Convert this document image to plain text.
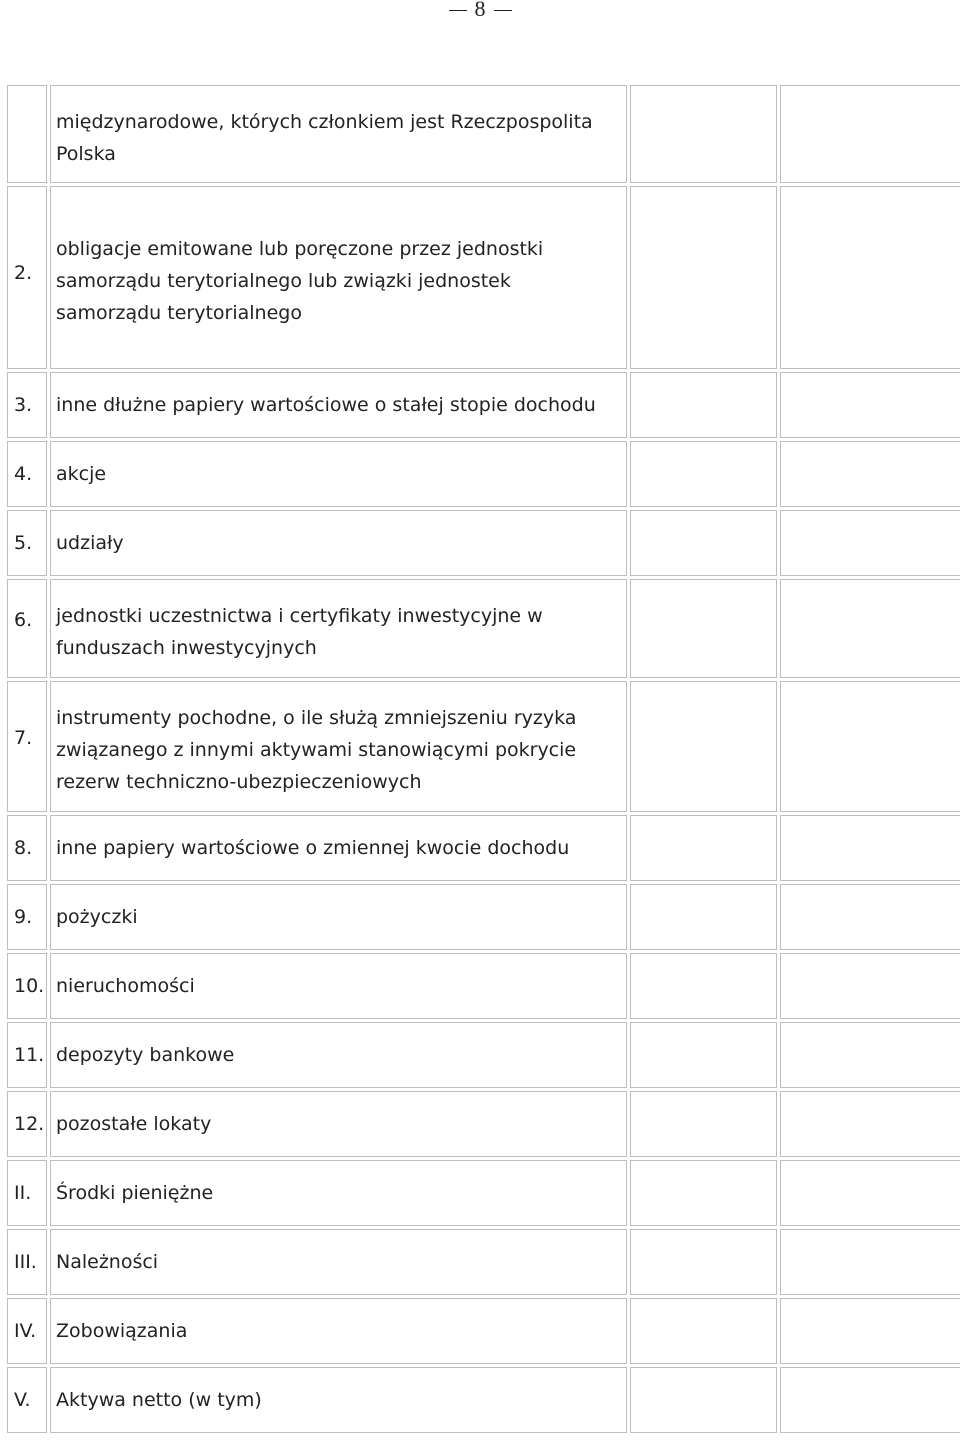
8

	międzynarodowe, których członkiem jest Rzeczpospolita Polska		

2.	obligacje emitowane lub poręczone przez jednostki samorządu terytorialnego lub związki jednostek samorządu terytorialnego		

3.	inne dłużne papiery wartościowe o stałej stopie dochodu		

4.	akcje		

5.	udziały		

6.	jednostki uczestnictwa i certyfikaty inwestycyjne w funduszach inwestycyjnych		

7.	instrumenty pochodne, o ile służą zmniejszeniu ryzyka związanego z innymi aktywami stanowiącymi pokrycie rezerw techniczno-ubezpieczeniowych		

8.	inne papiery wartościowe o zmiennej kwocie dochodu		

9.	pożyczki		

10.	nieruchomości		

11.	depozyty bankowe		

12.	pozostałe lokaty		

II.	Środki pieniężne		

III.	Należności		

IV.	Zobowiązania		

V.	Aktywa netto (w tym)		
